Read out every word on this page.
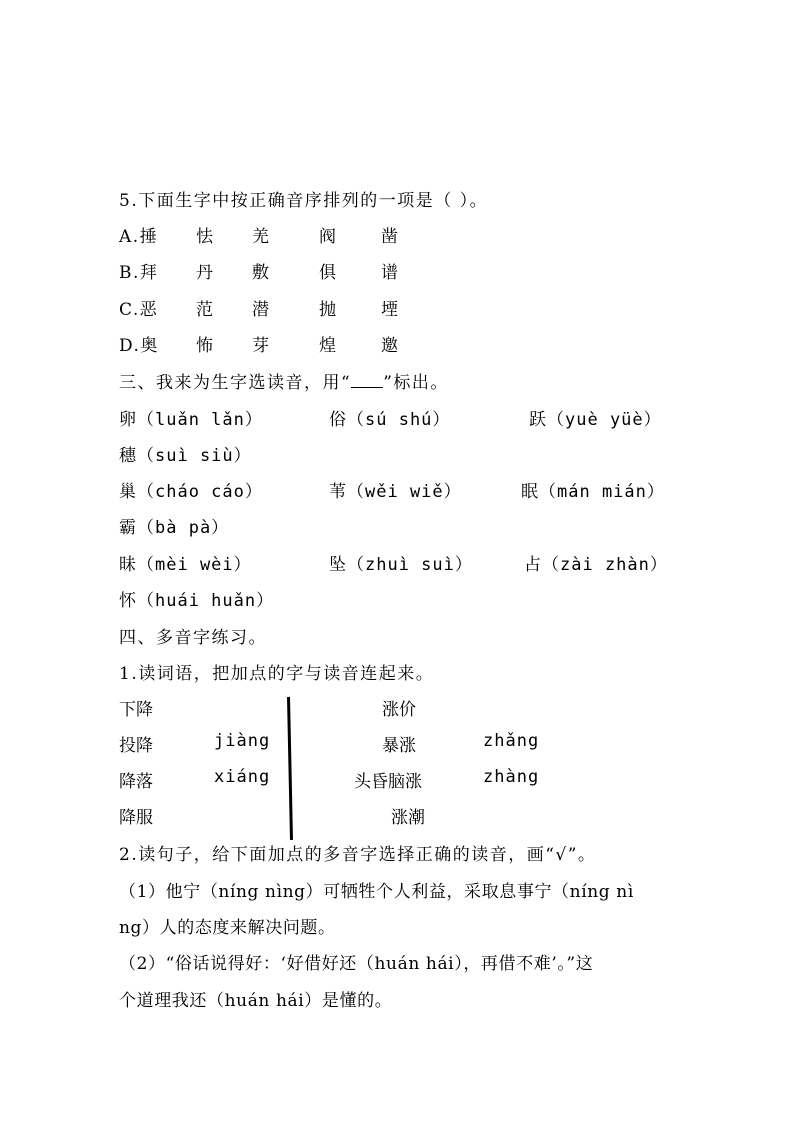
5.下面生字中按正确音序排列的一项是（ ）。
A.捶 怯 羌	阀	凿
B.拜 丹 敷	俱	谱
C.恶 范 潜	抛	堙
D.奥 怖 芽	煌	邀
三、我来为生字选读音，用“ ”标出。
卵（luǎn lǎn）	俗（sú shú）	跃（yuè yüè）
穗（suì siù）
巢（cháo cáo）	苇（wěi wiě）	眠（mán mián）
霸（bà pà）
昧（mèi wèi）	坠（zhuì suì）	占（zài zhàn）
怀（huái huǎn）
四、多音字练习。
1.读词语，把加点的字与读音连起来。
下降
投降
降落
降服
jiàng
xiáng
涨价
暴涨
头昏脑涨
涨潮
zhǎng
zhàng
2.读句子，给下面加点的多音字选择正确的读音，画“√”。
（1）他宁（níng nìng）可牺牲个人利益，采取息事宁（níng nì
ng）人的态度来解决问题。
（2）“俗话说得好：‘好借好还（huán hái），再借不难’。”这
个道理我还（huán hái）是懂的。
